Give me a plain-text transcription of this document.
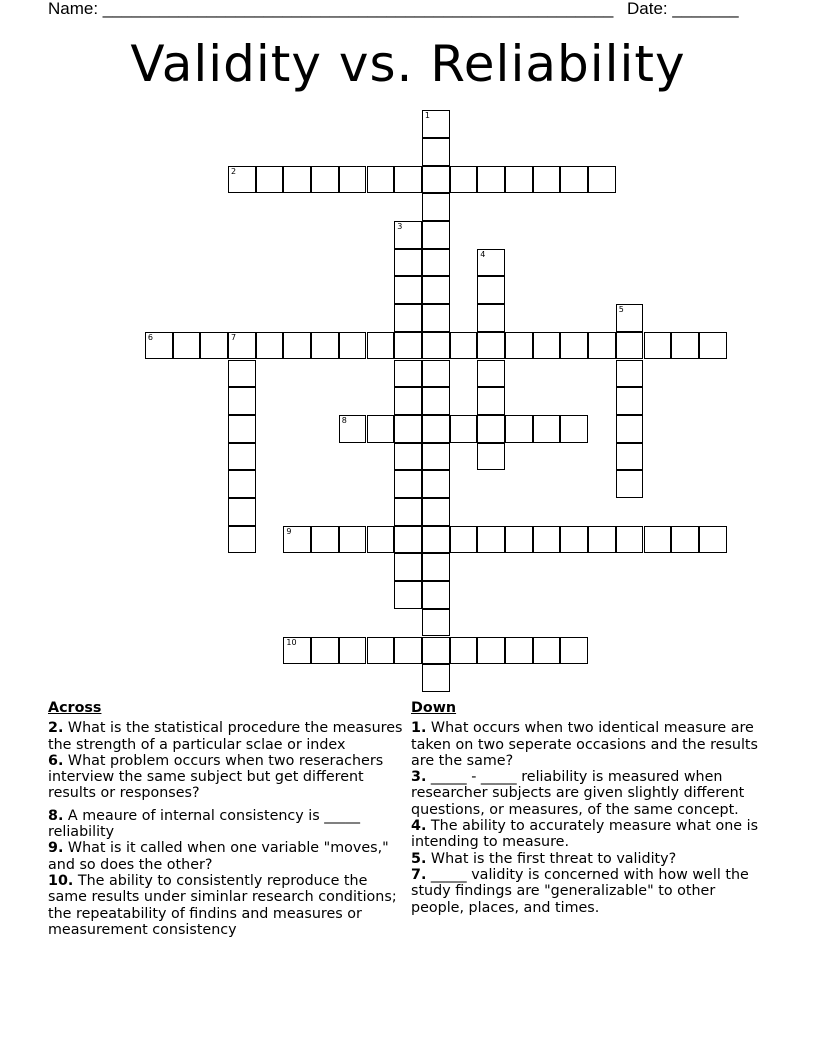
Name: ______________________________________________________ Date: _______
Validity vs. Reliability
1
2
3
4
5
6	7
8
9
10
Across
2. What is the statistical procedure the measures the strength of a particular sclae or index
6. What problem occurs when two reserachers interview the same subject but get different results or responses?
8. A meaure of internal consistency is _____ reliability
9. What is it called when one variable "moves," and so does the other?
10. The ability to consistently reproduce the same results under siminlar research conditions; the repeatability of findins and measures or measurement consistency
Down
1. What occurs when two identical measure are taken on two seperate occasions and the results are the same?
3. _____ - _____ reliability is measured when researcher subjects are given slightly different questions, or measures, of the same concept.
4. The ability to accurately measure what one is intending to measure.
5. What is the first threat to validity?
7. _____ validity is concerned with how well the study findings are "generalizable" to other people, places, and times.
